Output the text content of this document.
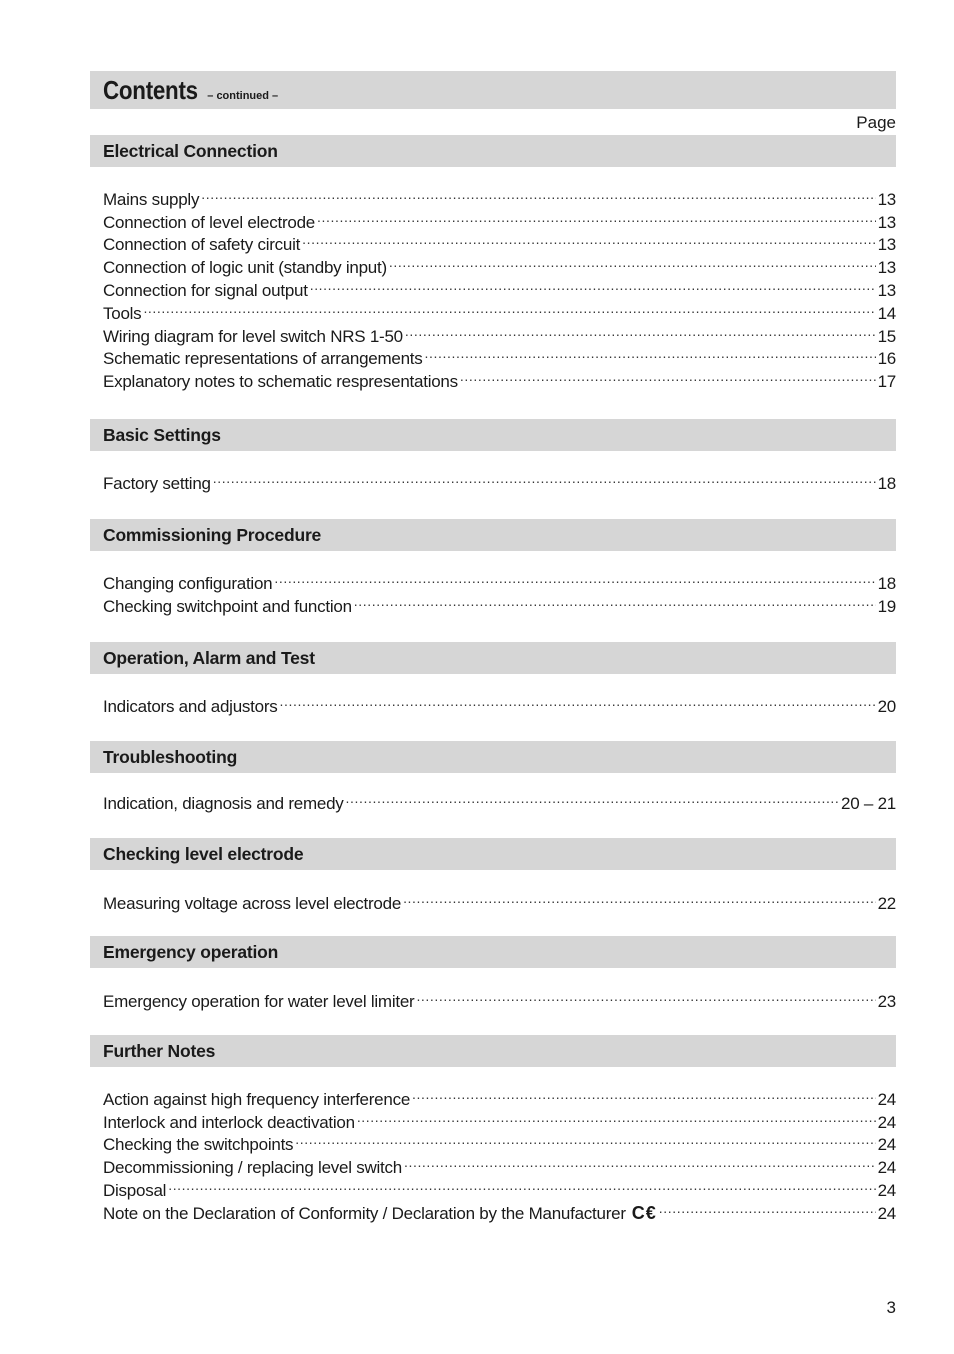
Contents – continued –
Page
Electrical Connection
Mains supply .....	13
Connection of level electrode .....	13
Connection of safety circuit .....	13
Connection of logic unit (standby input) .....	13
Connection for signal output .....	13
Tools .....	14
Wiring diagram for level switch NRS 1-50 .....	15
Schematic representations of arrangements .....	16
Explanatory notes to schematic respresentations .....	17
Basic Settings
Factory setting .....	18
Commissioning Procedure
Changing configuration .....	18
Checking switchpoint and function .....	19
Operation, Alarm and Test
Indicators and adjustors .....	20
Troubleshooting
Indication, diagnosis and remedy .....	20 – 21
Checking level electrode
Measuring voltage across level electrode .....	22
Emergency operation
Emergency operation for water level limiter .....	23
Further Notes
Action against high frequency interference .....	24
Interlock and interlock deactivation .....	24
Checking the switchpoints .....	24
Decommissioning / replacing level switch .....	24
Disposal .....	24
Note on the Declaration of Conformity / Declaration by the Manufacturer C€ .....	24
3
